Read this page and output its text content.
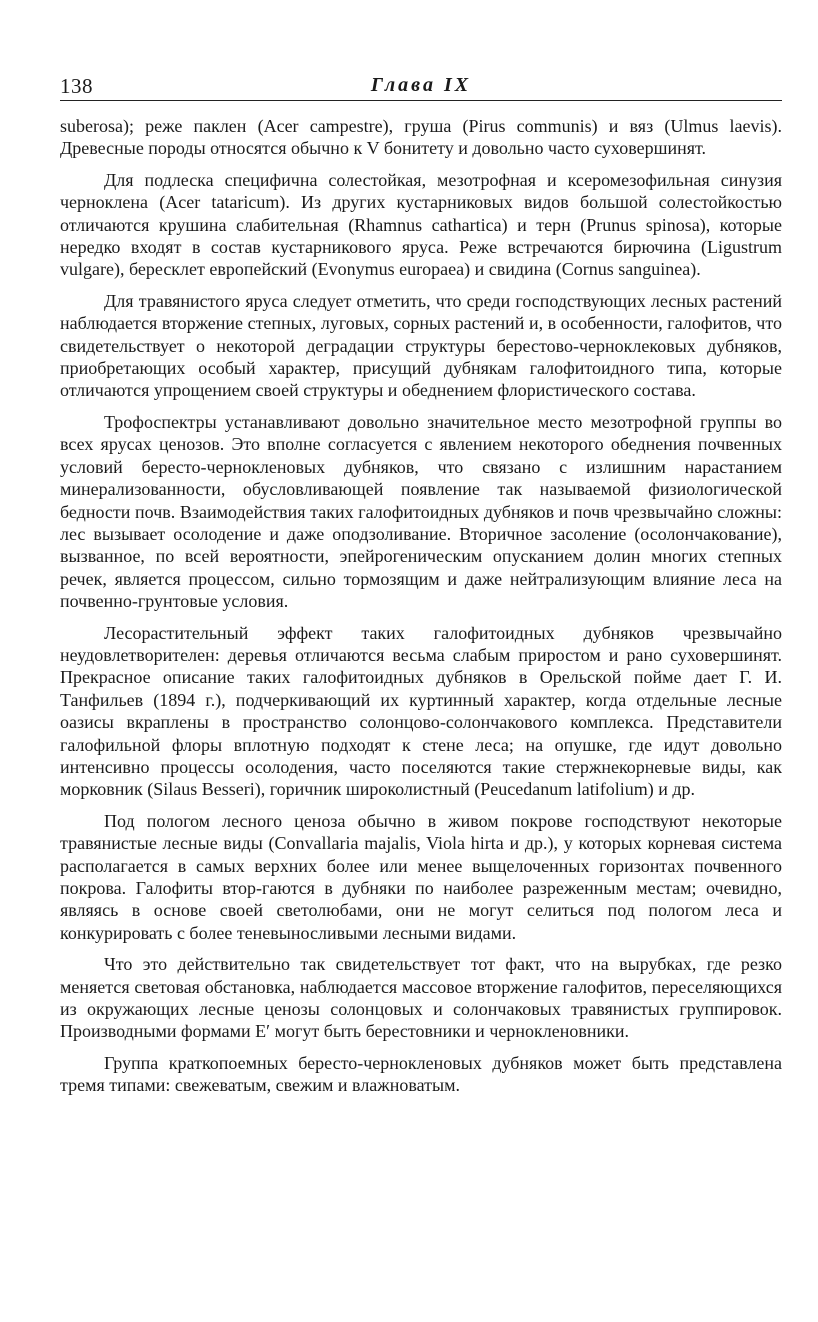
138	Глава IX

suberosa); реже паклен (Acer campestre), груша (Pirus communis) и вяз (Ulmus laevis). Древесные породы относятся обычно к V бонитету и довольно часто суховершинят.

Для подлеска специфична солестойкая, мезотрофная и ксеромезофильная синузия черноклена (Acer tataricum). Из других кустарниковых видов большой солестойкостью отличаются крушина слабительная (Rhamnus cathartica) и терн (Prunus spinosa), которые нередко входят в состав кустарникового яруса. Реже встречаются бирючина (Ligustrum vulgare), бересклет европейский (Evonymus europaea) и свидина (Cornus sanguinea).

Для травянистого яруса следует отметить, что среди господствующих лесных растений наблюдается вторжение степных, луговых, сорных растений и, в особенности, галофитов, что свидетельствует о некоторой деградации структуры берестово-черноклековых дубняков, приобретающих особый характер, присущий дубнякам галофитоидного типа, которые отличаются упрощением своей структуры и обеднением флористического состава.

Трофоспектры устанавливают довольно значительное место мезотрофной группы во всех ярусах ценозов. Это вполне согласуется с явлением некоторого обеднения почвенных условий бересто-чернокленовых дубняков, что связано с излишним нарастанием минерализованности, обусловливающей появление так называемой физиологической бедности почв. Взаимодействия таких галофитоидных дубняков и почв чрезвычайно сложны: лес вызывает осолодение и даже оподзоливание. Вторичное засоление (осолончакование), вызванное, по всей вероятности, эпейрогеническим опусканием долин многих степных речек, является процессом, сильно тормозящим и даже нейтрализующим влияние леса на почвенно-грунтовые условия.

Лесорастительный эффект таких галофитоидных дубняков чрезвычайно неудовлетворителен: деревья отличаются весьма слабым приростом и рано суховершинят. Прекрасное описание таких галофитоидных дубняков в Орельской пойме дает Г. И. Танфильев (1894 г.), подчеркивающий их куртинный характер, когда отдельные лесные оазисы вкраплены в пространство солонцово-солончакового комплекса. Представители галофильной флоры вплотную подходят к стене леса; на опушке, где идут довольно интенсивно процессы осолодения, часто поселяются такие стержнекорневые виды, как морковник (Silaus Besseri), горичник широколистный (Peucedanum latifolium) и др.

Под пологом лесного ценоза обычно в живом покрове господствуют некоторые травянистые лесные виды (Convallaria majalis, Viola hirta и др.), у которых корневая система располагается в самых верхних более или менее выщелоченных горизонтах почвенного покрова. Галофиты втор-гаются в дубняки по наиболее разреженным местам; очевидно, являясь в основе своей светолюбами, они не могут селиться под пологом леса и конкурировать с более теневыносливыми лесными видами.

Что это действительно так свидетельствует тот факт, что на вырубках, где резко меняется световая обстановка, наблюдается массовое вторжение галофитов, переселяющихся из окружающих лесные ценозы солонцовых и солончаковых травянистых группировок. Производными формами E′ могут быть берестовники и чернокленовники.

Группа краткопоемных бересто-чернокленовых дубняков может быть представлена тремя типами: свежеватым, свежим и влажноватым.
